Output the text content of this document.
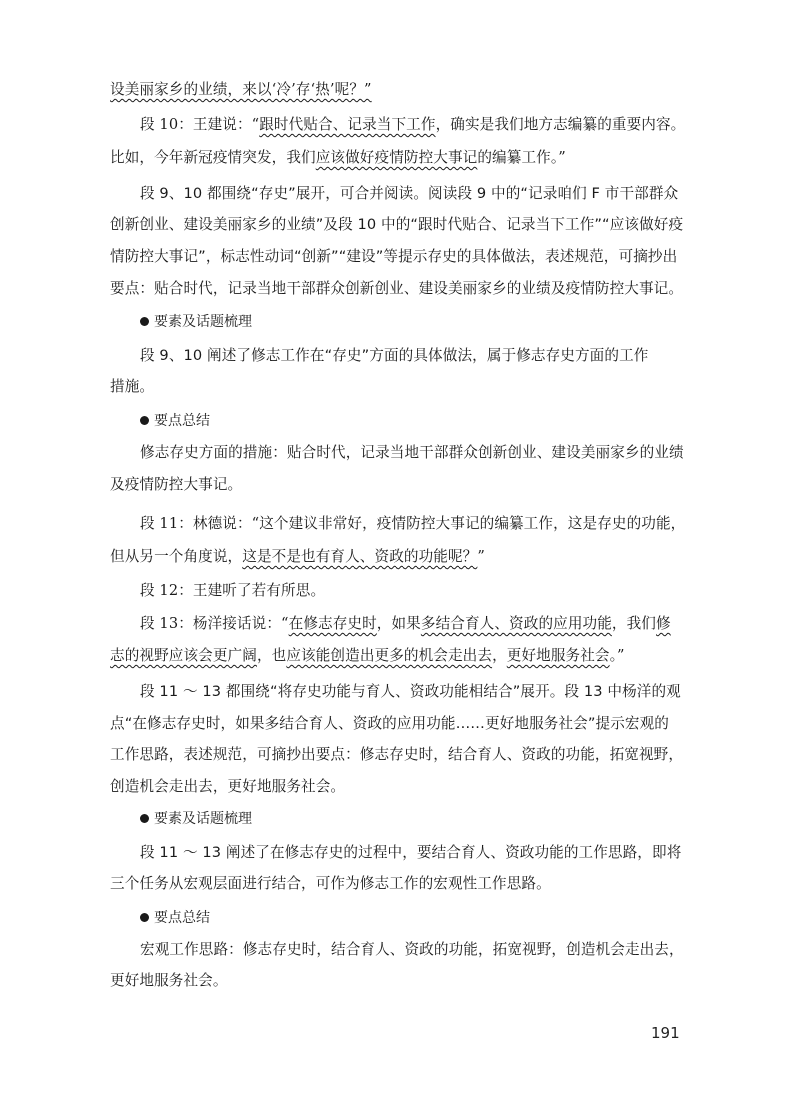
设美丽家乡的业绩，来以‘冷’存‘热’呢？”
段 10：王建说：“跟时代贴合、记录当下工作，确实是我们地方志编纂的重要内容。
比如，今年新冠疫情突发，我们应该做好疫情防控大事记的编纂工作。”
段 9、10 都围绕“存史”展开，可合并阅读。阅读段 9 中的“记录咱们 F 市干部群众
创新创业、建设美丽家乡的业绩”及段 10 中的“跟时代贴合、记录当下工作”“应该做好疫
情防控大事记”，标志性动词“创新”“建设”等提示存史的具体做法，表述规范，可摘抄出
要点：贴合时代，记录当地干部群众创新创业、建设美丽家乡的业绩及疫情防控大事记。
要素及话题梳理
段 9、10 阐述了修志工作在“存史”方面的具体做法，属于修志存史方面的工作
措施。
要点总结
修志存史方面的措施：贴合时代，记录当地干部群众创新创业、建设美丽家乡的业绩
及疫情防控大事记。
段 11：林德说：“这个建议非常好，疫情防控大事记的编纂工作，这是存史的功能，
但从另一个角度说，这是不是也有育人、资政的功能呢？”
段 12：王建听了若有所思。
段 13：杨洋接话说：“在修志存史时，如果多结合育人、资政的应用功能，我们修
志的视野应该会更广阔，也应该能创造出更多的机会走出去，更好地服务社会。”
段 11 ～ 13 都围绕“将存史功能与育人、资政功能相结合”展开。段 13 中杨洋的观
点“在修志存史时，如果多结合育人、资政的应用功能……更好地服务社会”提示宏观的
工作思路，表述规范，可摘抄出要点：修志存史时，结合育人、资政的功能，拓宽视野，
创造机会走出去，更好地服务社会。
要素及话题梳理
段 11 ～ 13 阐述了在修志存史的过程中，要结合育人、资政功能的工作思路，即将
三个任务从宏观层面进行结合，可作为修志工作的宏观性工作思路。
要点总结
宏观工作思路：修志存史时，结合育人、资政的功能，拓宽视野，创造机会走出去，
更好地服务社会。
191
